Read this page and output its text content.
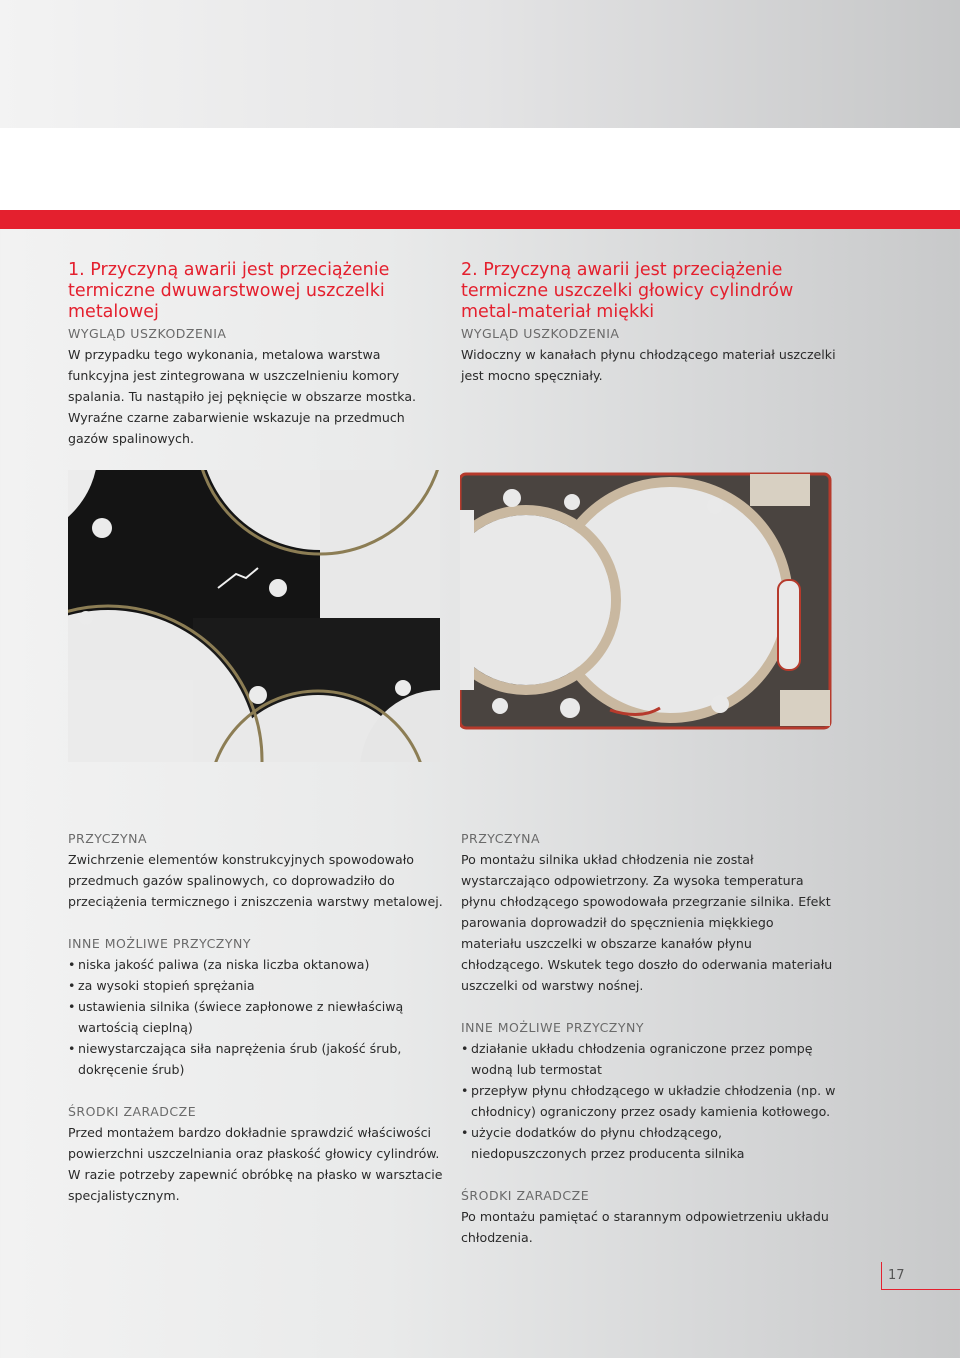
1. Przyczyną awarii jest przeciążenie termiczne dwuwarstwowej uszczelki metalowej
WYGLĄD USZKODZENIA

W przypadku tego wykonania, metalowa warstwa funkcyjna jest zintegrowana w uszczelnieniu komory spalania. Tu nastąpiło jej pęknięcie w obszarze mostka. Wyraźne czarne zabarwienie wskazuje na przedmuch gazów spalinowych.

2. Przyczyną awarii jest przeciążenie termiczne uszczelki głowicy cylindrów metal-materiał miękki
WYGLĄD USZKODZENIA

Widoczny w kanałach płynu chłodzącego materiał uszczelki jest mocno spęczniały.

PRZYCZYNA

Zwichrzenie elementów konstrukcyjnych spowodowało przedmuch gazów spalinowych, co doprowadziło do przeciążenia termicznego i zniszczenia warstwy metalowej.

INNE MOŻLIWE PRZYCZYNY
• niska jakość paliwa (za niska liczba oktanowa)
• za wysoki stopień sprężania
• ustawienia silnika (świece zapłonowe z niewłaściwą wartością cieplną)
• niewystarczająca siła naprężenia śrub (jakość śrub, dokręcenie śrub)
ŚRODKI ZARADCZE

Przed montażem bardzo dokładnie sprawdzić właściwości powierzchni uszczelniania oraz płaskość głowicy cylindrów. W razie potrzeby zapewnić obróbkę na płasko w warsztacie specjalistycznym.

PRZYCZYNA

Po montażu silnika układ chłodzenia nie został wystarczająco odpowietrzony. Za wysoka temperatura płynu chłodzącego spowodowała przegrzanie silnika. Efekt parowania doprowadził do spęcznienia miękkiego materiału uszczelki w obszarze kanałów płynu chłodzącego. Wskutek tego doszło do oderwania materiału uszczelki od warstwy nośnej.

INNE MOŻLIWE PRZYCZYNY
• działanie układu chłodzenia ograniczone przez pompę wodną lub termostat
• przepływ płynu chłodzącego w układzie chłodzenia (np. w chłodnicy) ograniczony przez osady kamienia kotłowego.
• użycie dodatków do płynu chłodzącego, niedopuszczonych przez producenta silnika
ŚRODKI ZARADCZE

Po montażu pamiętać o starannym odpowietrzeniu układu chłodzenia.

17
